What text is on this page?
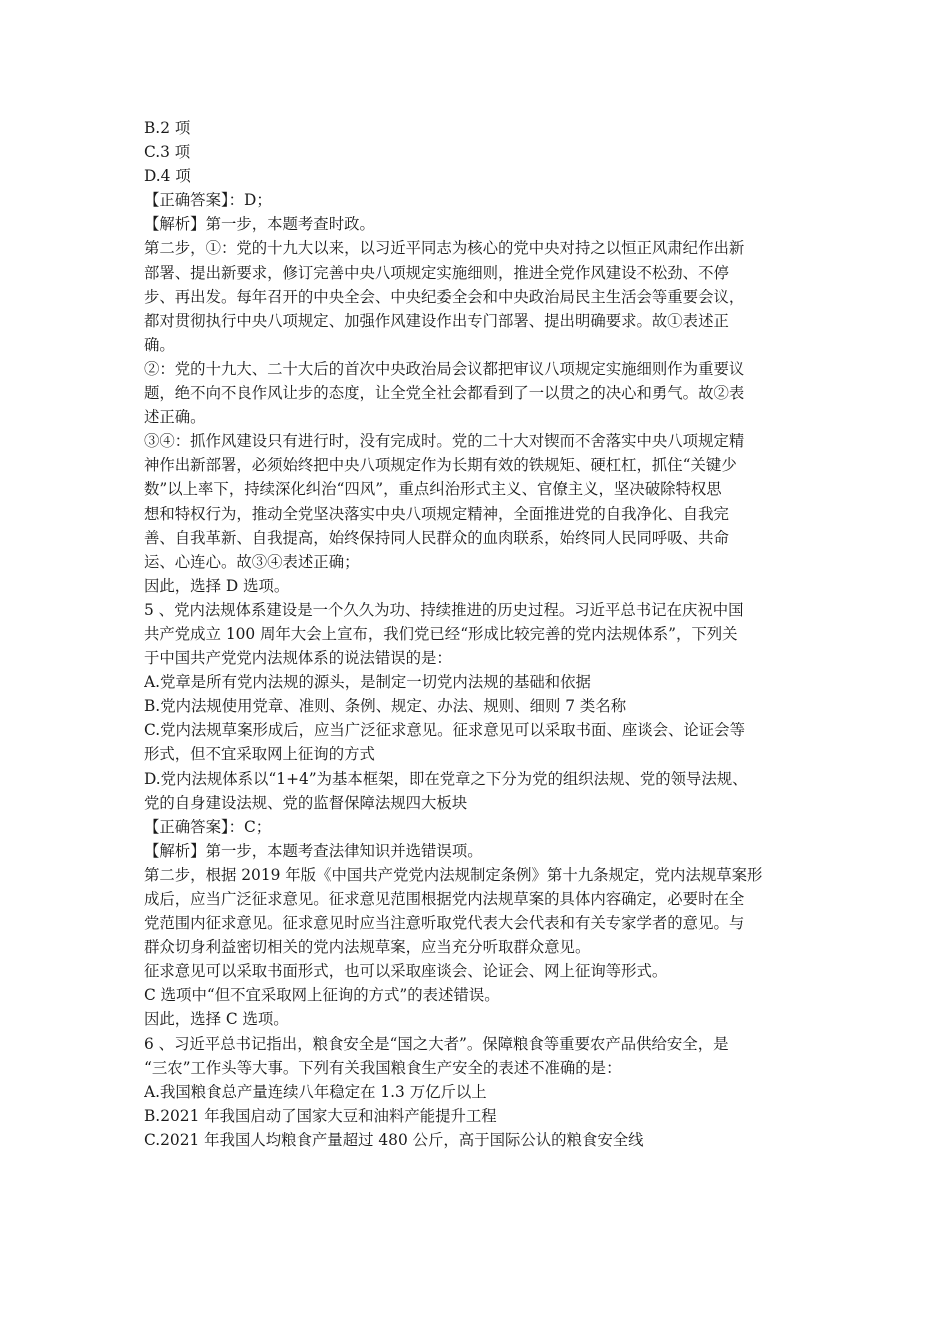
B.2 项
C.3 项
D.4 项
【正确答案】：D；
【解析】第一步，本题考查时政。
第二步，①：党的十九大以来，以习近平同志为核心的党中央对持之以恒正风肃纪作出新
部署、提出新要求，修订完善中央八项规定实施细则，推进全党作风建设不松劲、不停
步、再出发。每年召开的中央全会、中央纪委全会和中央政治局民主生活会等重要会议，
都对贯彻执行中央八项规定、加强作风建设作出专门部署、提出明确要求。故①表述正
确。
②：党的十九大、二十大后的首次中央政治局会议都把审议八项规定实施细则作为重要议
题，绝不向不良作风让步的态度，让全党全社会都看到了一以贯之的决心和勇气。故②表
述正确。
③④：抓作风建设只有进行时，没有完成时。党的二十大对锲而不舍落实中央八项规定精
神作出新部署，必须始终把中央八项规定作为长期有效的铁规矩、硬杠杠，抓住“关键少
数”以上率下，持续深化纠治“四风”，重点纠治形式主义、官僚主义，坚决破除特权思
想和特权行为，推动全党坚决落实中央八项规定精神，全面推进党的自我净化、自我完
善、自我革新、自我提高，始终保持同人民群众的血肉联系，始终同人民同呼吸、共命
运、心连心。故③④表述正确；
因此，选择 D 选项。
5 、党内法规体系建设是一个久久为功、持续推进的历史过程。习近平总书记在庆祝中国
共产党成立 100 周年大会上宣布，我们党已经“形成比较完善的党内法规体系”，下列关
于中国共产党党内法规体系的说法错误的是：
A.党章是所有党内法规的源头，是制定一切党内法规的基础和依据
B.党内法规使用党章、准则、条例、规定、办法、规则、细则 7 类名称
C.党内法规草案形成后，应当广泛征求意见。征求意见可以采取书面、座谈会、论证会等
形式，但不宜采取网上征询的方式
D.党内法规体系以“1+4”为基本框架，即在党章之下分为党的组织法规、党的领导法规、
党的自身建设法规、党的监督保障法规四大板块
【正确答案】：C；
【解析】第一步，本题考查法律知识并选错误项。
第二步，根据 2019 年版《中国共产党党内法规制定条例》第十九条规定，党内法规草案形
成后，应当广泛征求意见。征求意见范围根据党内法规草案的具体内容确定，必要时在全
党范围内征求意见。征求意见时应当注意听取党代表大会代表和有关专家学者的意见。与
群众切身利益密切相关的党内法规草案，应当充分听取群众意见。
征求意见可以采取书面形式，也可以采取座谈会、论证会、网上征询等形式。
C 选项中“但不宜采取网上征询的方式”的表述错误。
因此，选择 C 选项。
6 、习近平总书记指出，粮食安全是“国之大者”。保障粮食等重要农产品供给安全，是
“三农”工作头等大事。下列有关我国粮食生产安全的表述不准确的是：
A.我国粮食总产量连续八年稳定在 1.3 万亿斤以上
B.2021 年我国启动了国家大豆和油料产能提升工程
C.2021 年我国人均粮食产量超过 480 公斤，高于国际公认的粮食安全线
